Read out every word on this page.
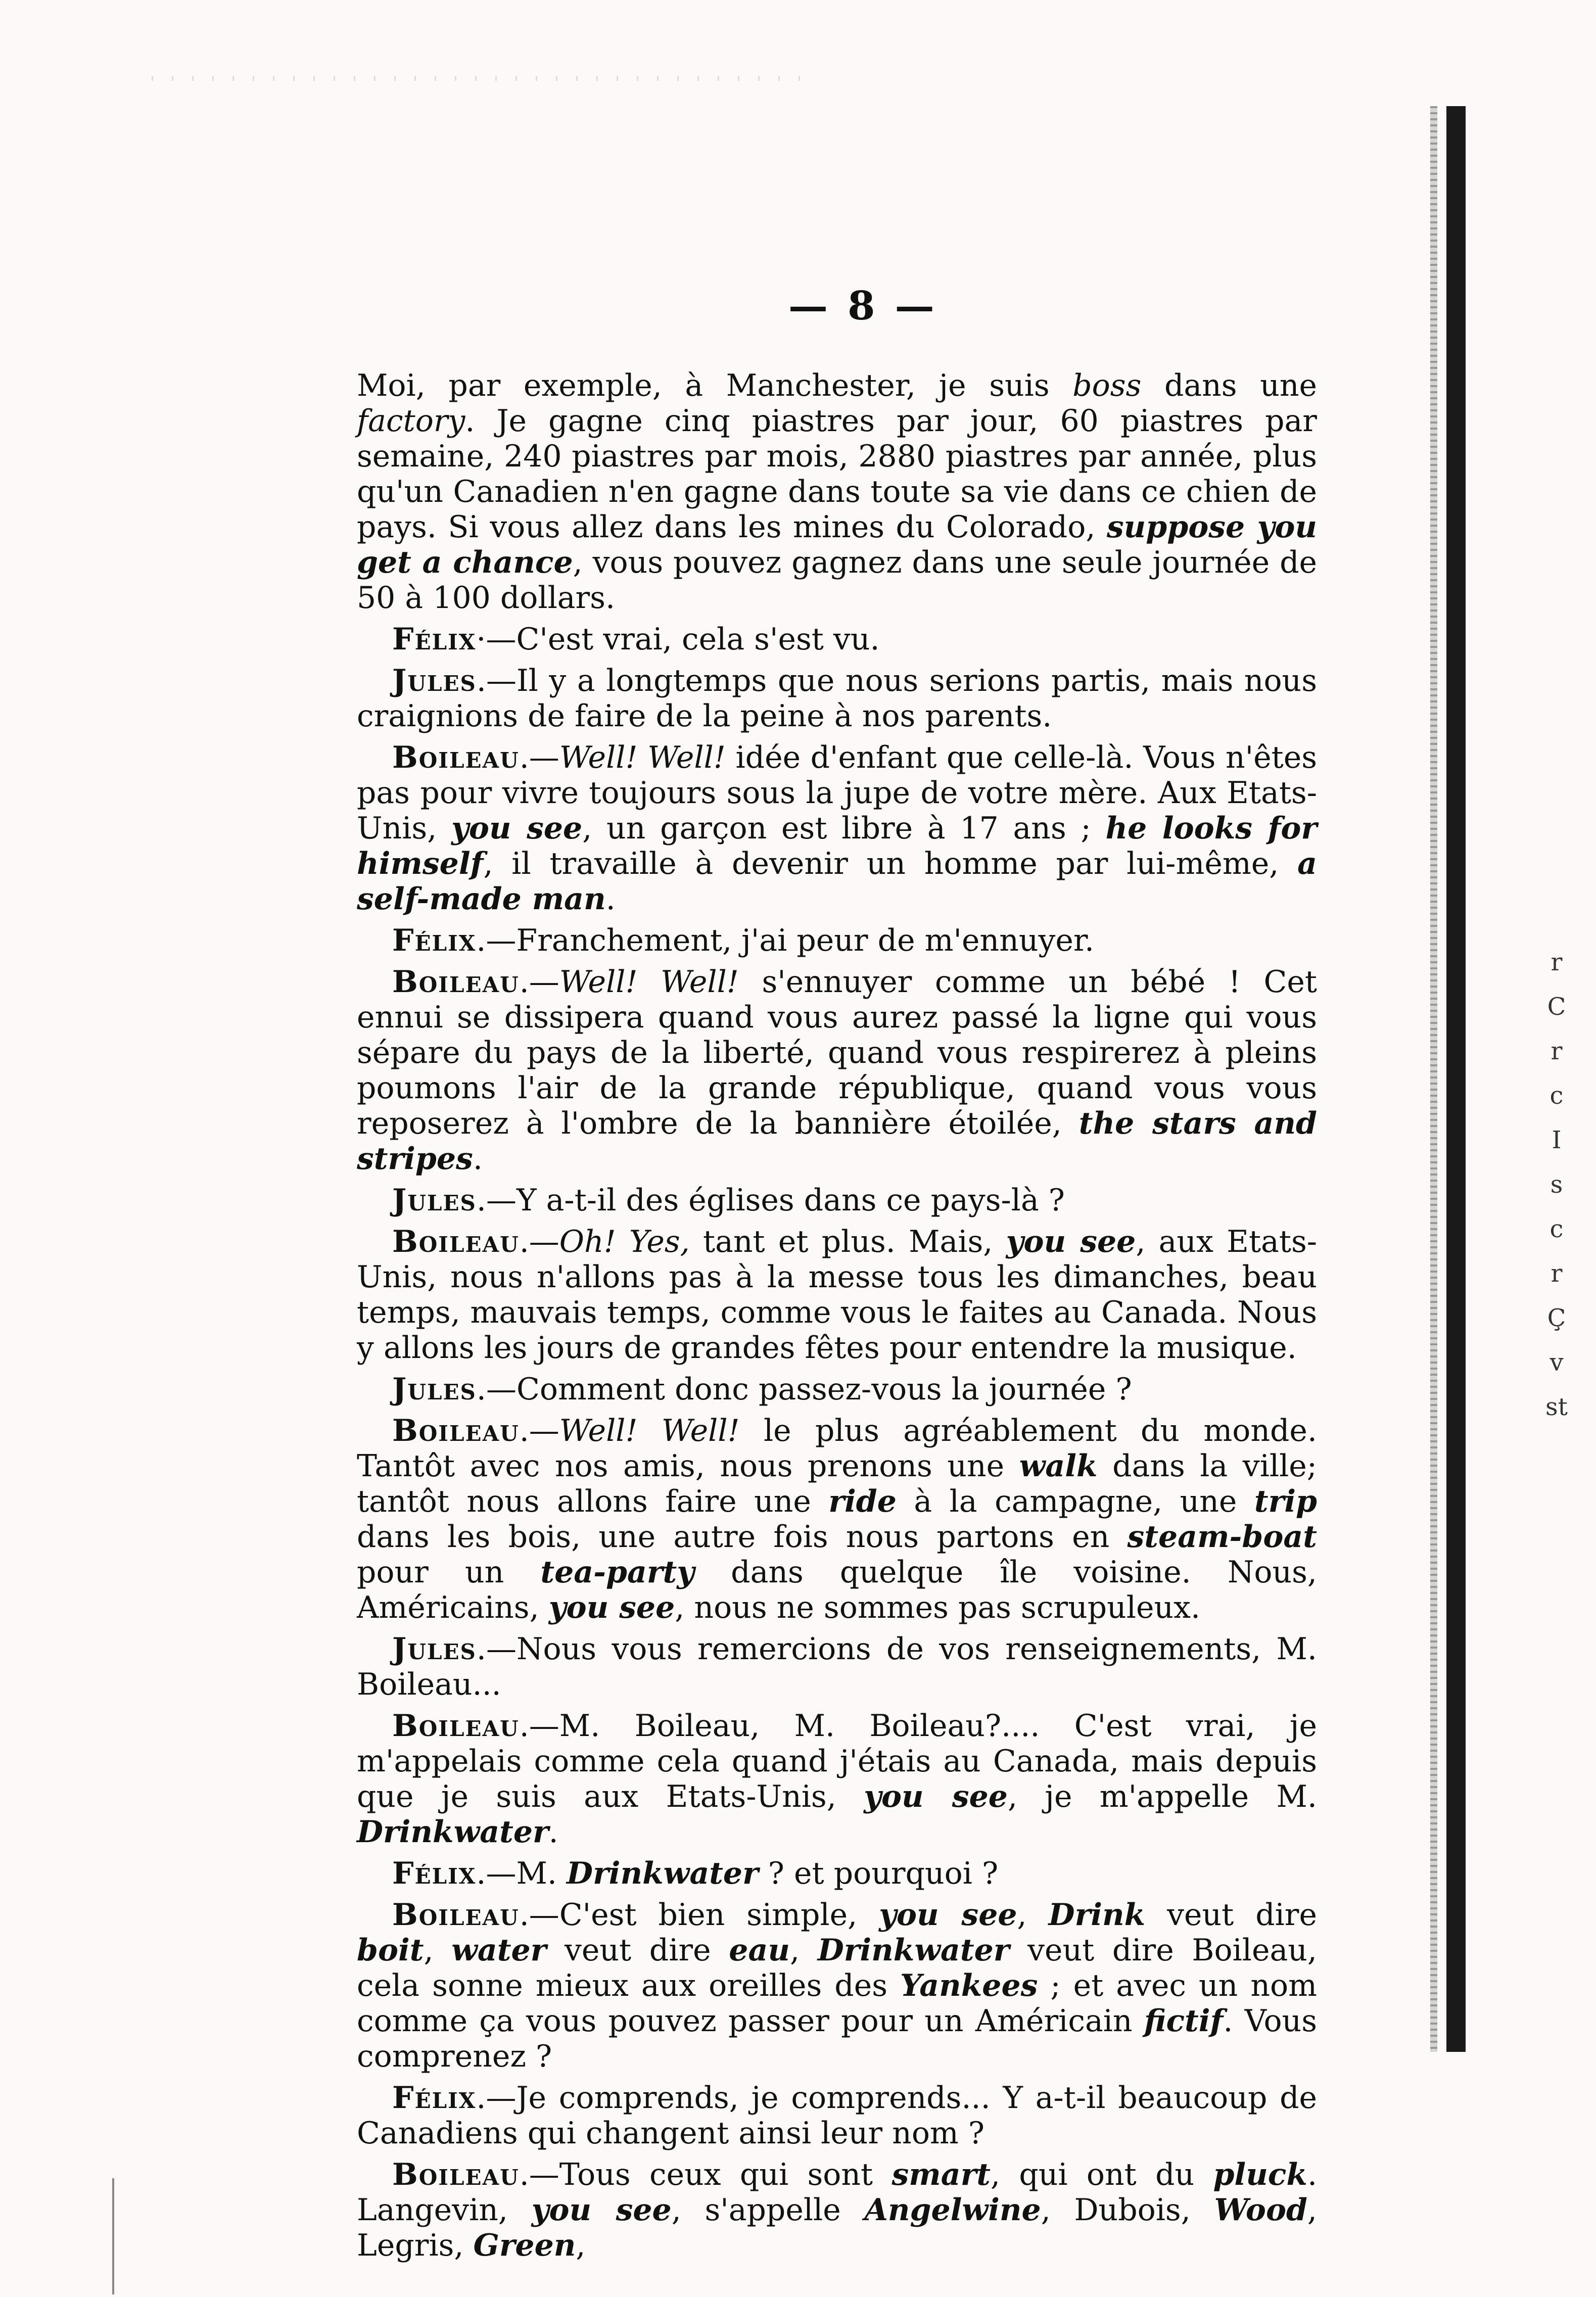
— 8 —

Moi, par exemple, à Manchester, je suis boss dans une factory. Je gagne cinq piastres par jour, 60 piastres par semaine, 240 piastres par mois, 2880 piastres par année, plus qu'un Canadien n'en gagne dans toute sa vie dans ce chien de pays. Si vous allez dans les mines du Colorado, suppose you get a chance, vous pouvez gagnez dans une seule journée de 50 à 100 dollars.

Félix·—C'est vrai, cela s'est vu.

Jules.—Il y a longtemps que nous serions partis, mais nous craignions de faire de la peine à nos parents.

Boileau.—Well! Well! idée d'enfant que celle-là. Vous n'êtes pas pour vivre toujours sous la jupe de votre mère. Aux Etats-Unis, you see, un garçon est libre à 17 ans ; he looks for himself, il travaille à devenir un homme par lui-même, a self-made man.

Félix.—Franchement, j'ai peur de m'ennuyer.

Boileau.—Well! Well! s'ennuyer comme un bébé ! Cet ennui se dissipera quand vous aurez passé la ligne qui vous sépare du pays de la liberté, quand vous respirerez à pleins poumons l'air de la grande république, quand vous vous reposerez à l'ombre de la bannière étoilée, the stars and stripes.

Jules.—Y a-t-il des églises dans ce pays-là ?

Boileau.—Oh! Yes, tant et plus. Mais, you see, aux Etats-Unis, nous n'allons pas à la messe tous les dimanches, beau temps, mauvais temps, comme vous le faites au Canada. Nous y allons les jours de grandes fêtes pour entendre la musique.

Jules.—Comment donc passez-vous la journée ?

Boileau.—Well! Well! le plus agréablement du monde. Tantôt avec nos amis, nous prenons une walk dans la ville; tantôt nous allons faire une ride à la campagne, une trip dans les bois, une autre fois nous partons en steam-boat pour un tea-party dans quelque île voisine. Nous, Américains, you see, nous ne sommes pas scrupuleux.

Jules.—Nous vous remercions de vos renseignements, M. Boileau...

Boileau.—M. Boileau, M. Boileau?.... C'est vrai, je m'appelais comme cela quand j'étais au Canada, mais depuis que je suis aux Etats-Unis, you see, je m'appelle M. Drinkwater.

Félix.—M. Drinkwater ? et pourquoi ?

Boileau.—C'est bien simple, you see, Drink veut dire boit, water veut dire eau, Drinkwater veut dire Boileau, cela sonne mieux aux oreilles des Yankees ; et avec un nom comme ça vous pouvez passer pour un Américain fictif. Vous comprenez ?

Félix.—Je comprends, je comprends... Y a-t-il beaucoup de Canadiens qui changent ainsi leur nom ?

Boileau.—Tous ceux qui sont smart, qui ont du pluck. Langevin, you see, s'appelle Angelwine, Dubois, Wood, Legris, Green,

r
C
r
c
I
s
c
r
Ç
v
st
